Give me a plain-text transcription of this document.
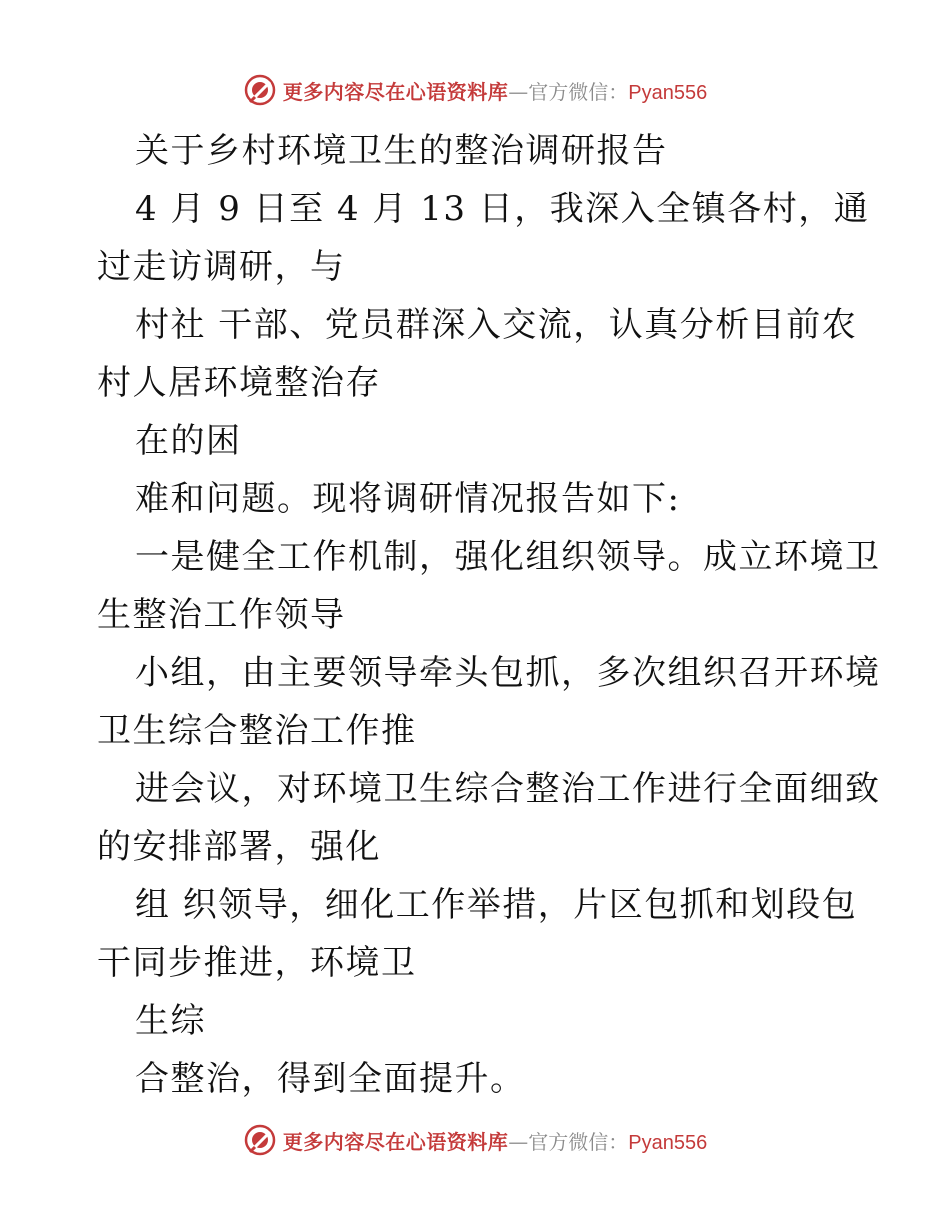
更多内容尽在心语资料库 — 官方微信： Pyan556
关于乡村环境卫生的整治调研报告
4 月 9 日至 4 月 13 日，我深入全镇各村，通
过走访调研，与
村社 干部、党员群深入交流，认真分析目前农
村人居环境整治存
在的困
难和问题。现将调研情况报告如下:
一是健全工作机制，强化组织领导。成立环境卫
生整治工作领导
小组，由主要领导牵头包抓，多次组织召开环境
卫生综合整治工作推
进会议，对环境卫生综合整治工作进行全面细致
的安排部署，强化
组 织领导，细化工作举措，片区包抓和划段包
干同步推进，环境卫
生综
合整治，得到全面提升。
更多内容尽在心语资料库 — 官方微信： Pyan556
